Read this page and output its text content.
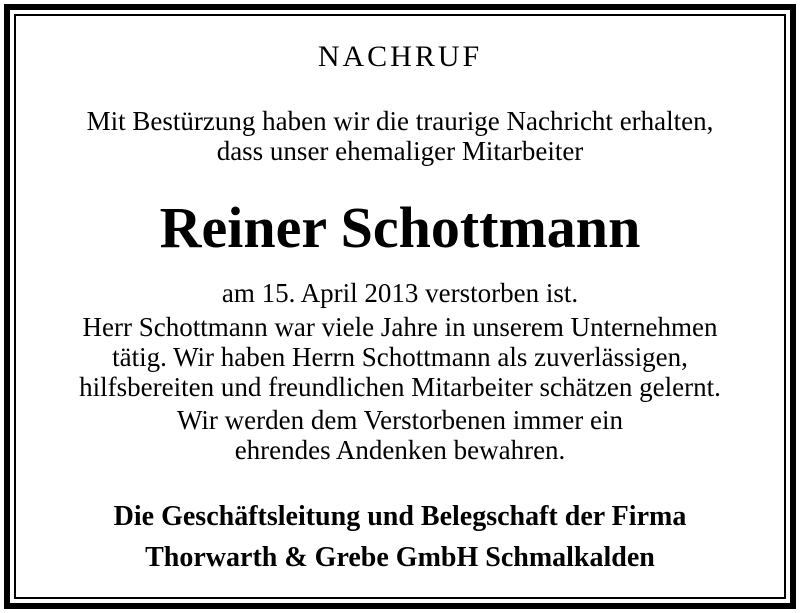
NACHRUF
Mit Bestürzung haben wir die traurige Nachricht erhalten,
dass unser ehemaliger Mitarbeiter
Reiner Schottmann
am 15. April 2013 verstorben ist.
Herr Schottmann war viele Jahre in unserem Unternehmen
tätig. Wir haben Herrn Schottmann als zuverlässigen,
hilfsbereiten und freundlichen Mitarbeiter schätzen gelernt.
Wir werden dem Verstorbenen immer ein
ehrendes Andenken bewahren.
Die Geschäftsleitung und Belegschaft der Firma
Thorwarth & Grebe GmbH Schmalkalden
